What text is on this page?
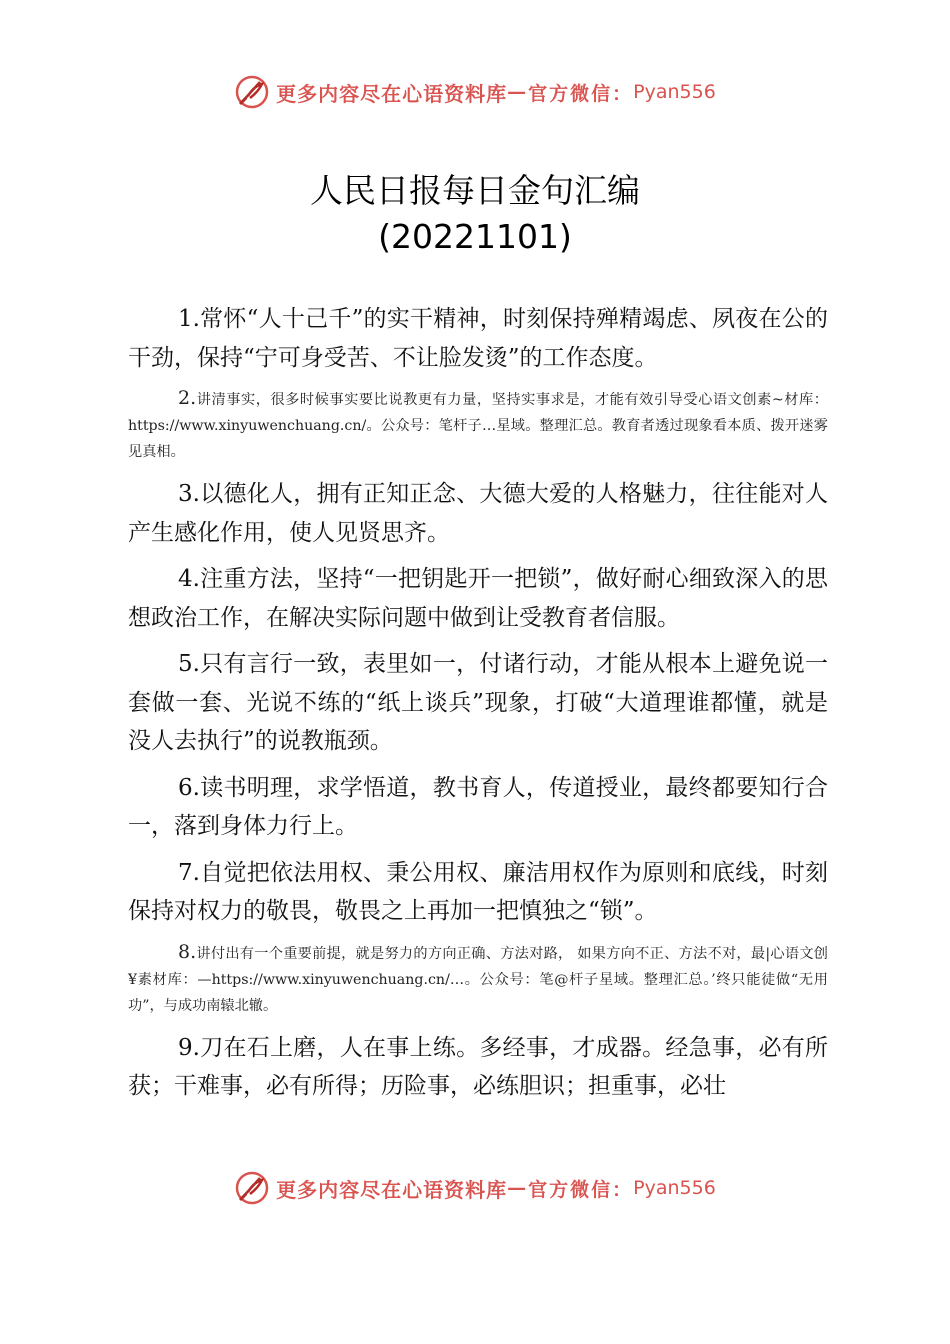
更多内容尽在心语资料库 — 官方微信： Pyan556
人民日报每日金句汇编
(20221101)

1.常怀“人十己千”的实干精神，时刻保持殚精竭虑、夙夜在公的干劲，保持“宁可身受苦、不让脸发烫”的工作态度。

2.讲清事实，很多时候事实要比说教更有力量，坚持实事求是，才能有效引导受心语文创素~材库：https://www.xinyuwenchuang.cn/。公众号：笔杆子…星域。整理汇总。教育者透过现象看本质、拨开迷雾见真相。

3.以德化人，拥有正知正念、大德大爱的人格魅力，往往能对人产生感化作用，使人见贤思齐。

4.注重方法，坚持“一把钥匙开一把锁”，做好耐心细致深入的思想政治工作，在解决实际问题中做到让受教育者信服。

5.只有言行一致，表里如一，付诸行动，才能从根本上避免说一套做一套、光说不练的“纸上谈兵”现象，打破“大道理谁都懂，就是没人去执行”的说教瓶颈。

6.读书明理，求学悟道，教书育人，传道授业，最终都要知行合一，落到身体力行上。

7.自觉把依法用权、秉公用权、廉洁用权作为原则和底线，时刻保持对权力的敬畏，敬畏之上再加一把慎独之“锁”。

8.讲付出有一个重要前提，就是努力的方向正确、方法对路， 如果方向不正、方法不对，最|心语文创¥素材库：—https://www.xinyuwenchuang.cn/…。公众号：笔@杆子星域。整理汇总。’终只能徒做“无用功”，与成功南辕北辙。

9.刀在石上磨，人在事上练。多经事，才成器。经急事，必有所获；干难事，必有所得；历险事，必练胆识；担重事，必壮

更多内容尽在心语资料库 — 官方微信： Pyan556
